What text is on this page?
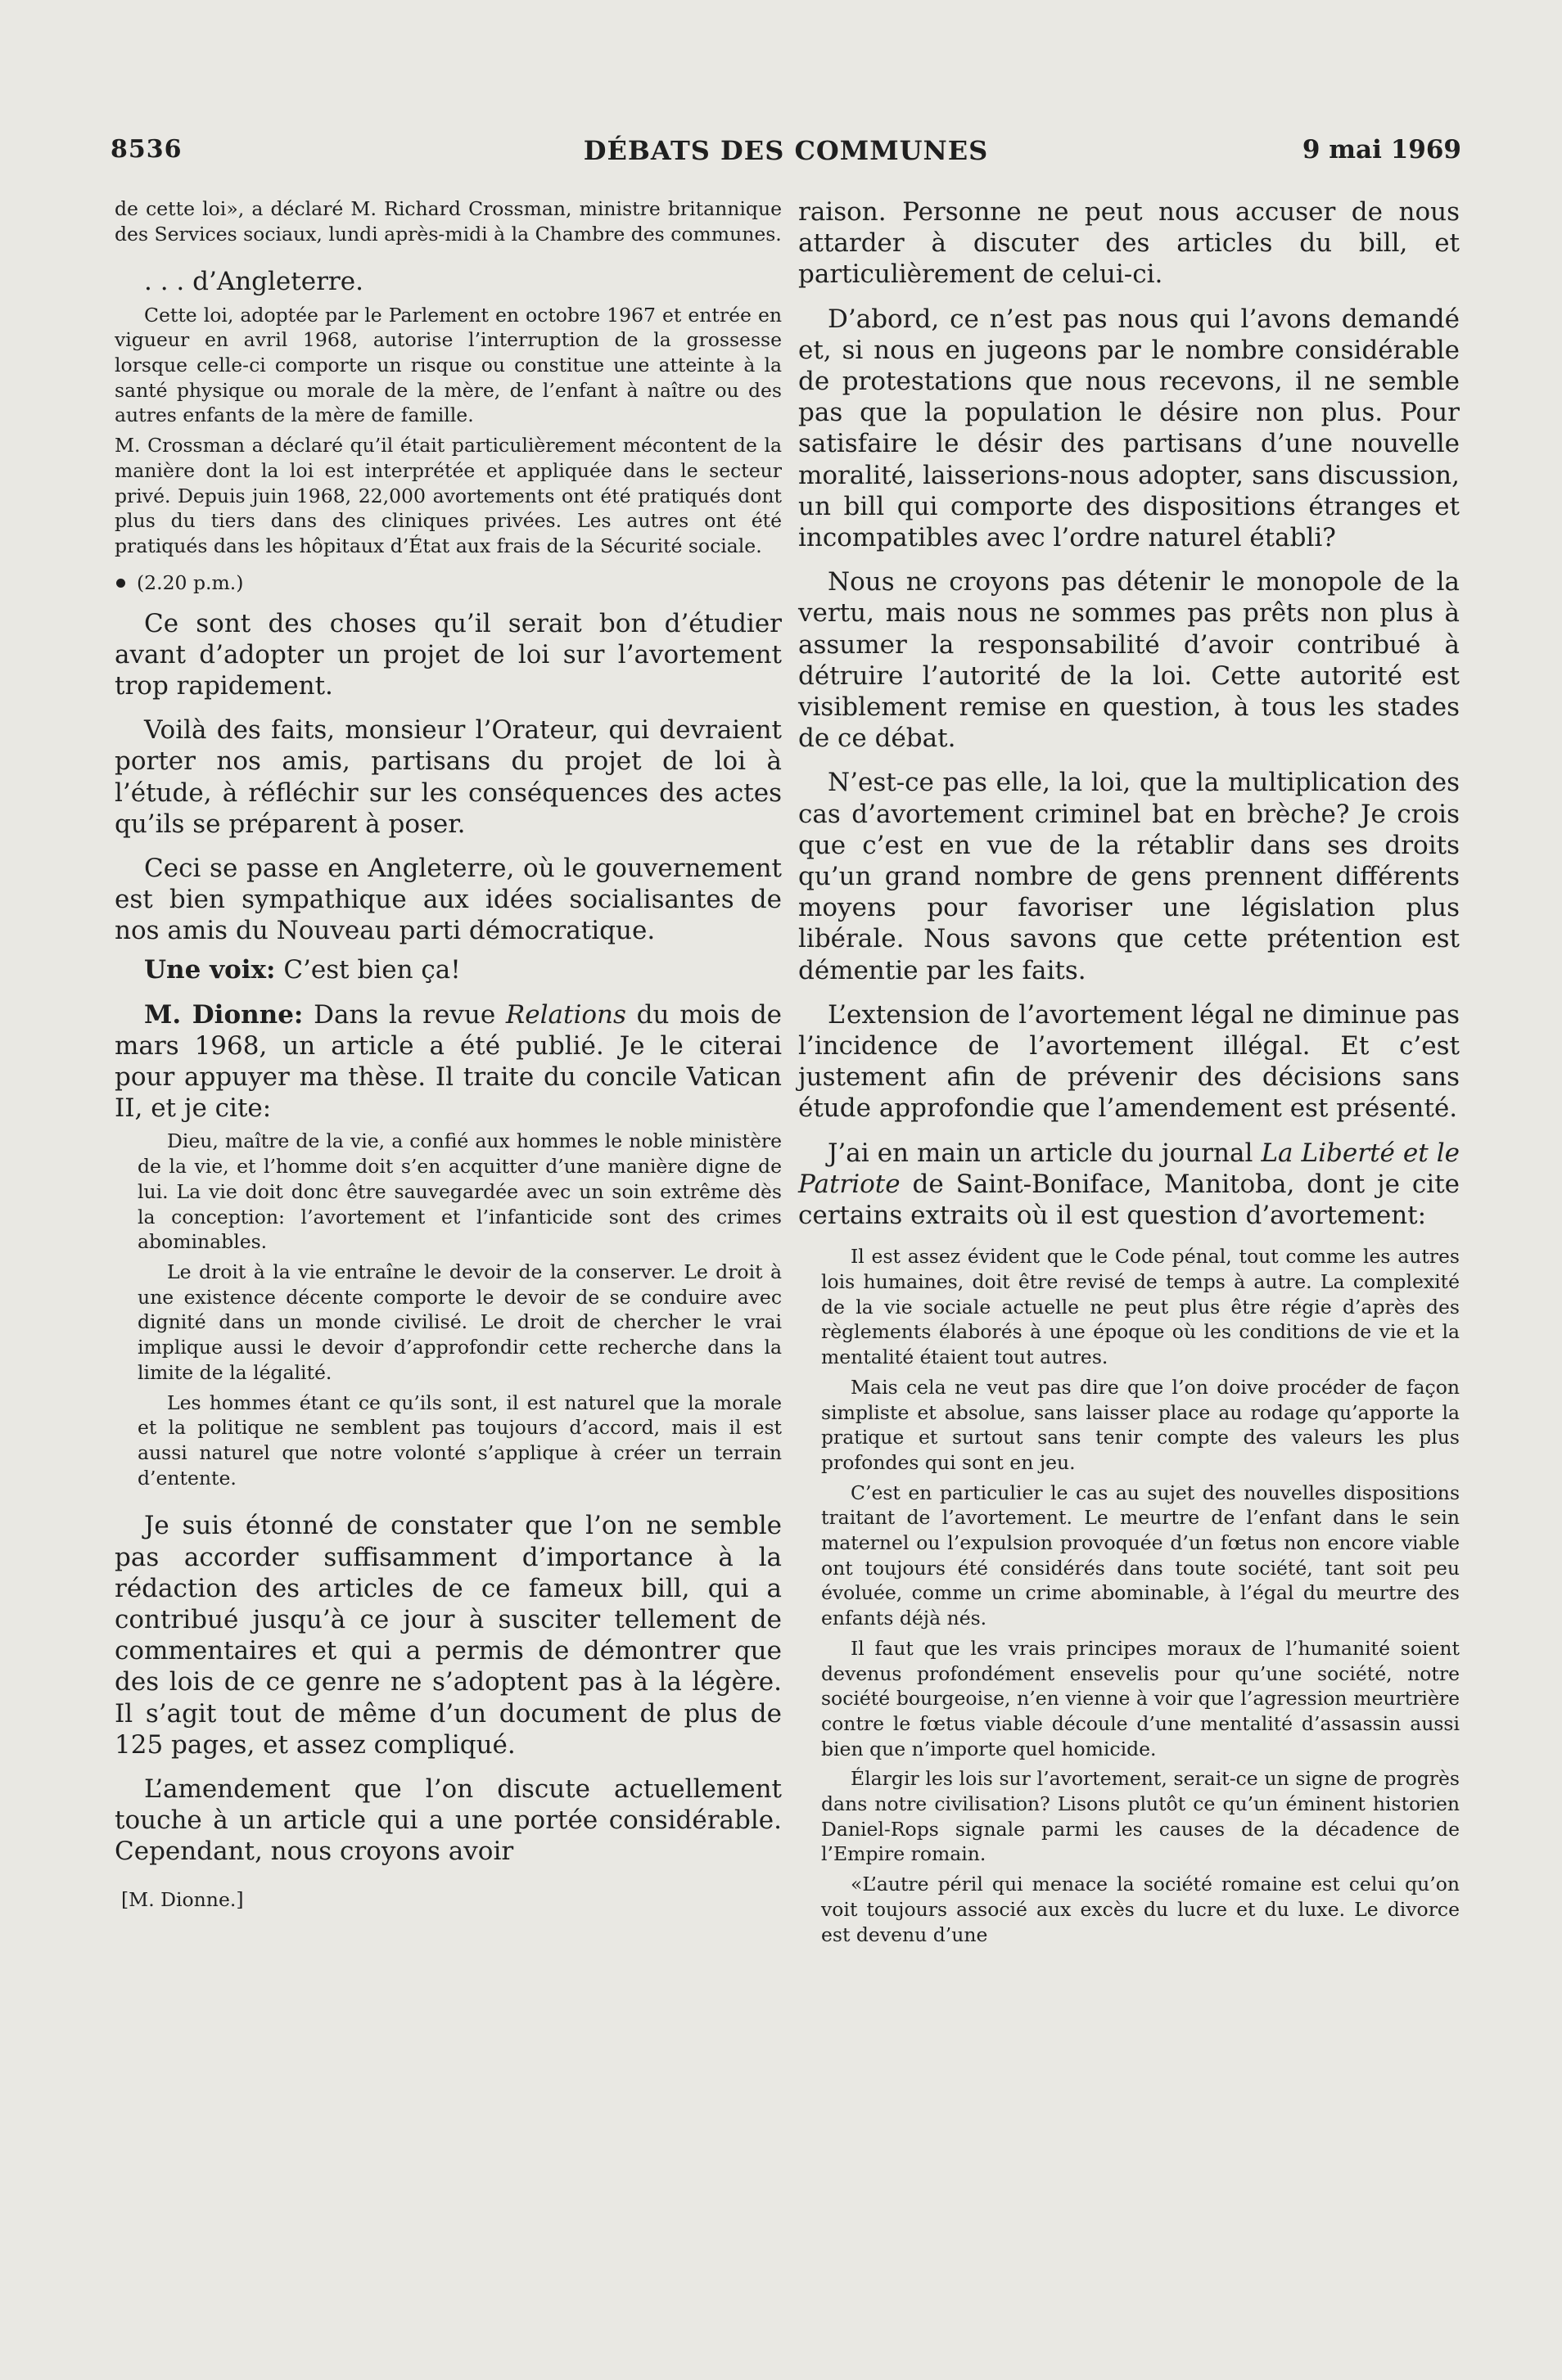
8536	DÉBATS DES COMMUNES	9 mai 1969

de cette loi», a déclaré M. Richard Crossman, ministre britannique des Services sociaux, lundi après-midi à la Chambre des communes.

. . . d’Angleterre.

Cette loi, adoptée par le Parlement en octobre 1967 et entrée en vigueur en avril 1968, autorise l’interruption de la grossesse lorsque celle-ci comporte un risque ou constitue une atteinte à la santé physique ou morale de la mère, de l’enfant à naître ou des autres enfants de la mère de famille.

M. Crossman a déclaré qu’il était particulièrement mécontent de la manière dont la loi est interprétée et appliquée dans le secteur privé. Depuis juin 1968, 22,000 avortements ont été pratiqués dont plus du tiers dans des cliniques privées. Les autres ont été pratiqués dans les hôpitaux d’État aux frais de la Sécurité sociale.

(2.20 p.m.)

Ce sont des choses qu’il serait bon d’étudier avant d’adopter un projet de loi sur l’avortement trop rapidement.

Voilà des faits, monsieur l’Orateur, qui devraient porter nos amis, partisans du projet de loi à l’étude, à réfléchir sur les conséquences des actes qu’ils se préparent à poser.

Ceci se passe en Angleterre, où le gouvernement est bien sympathique aux idées socialisantes de nos amis du Nouveau parti démocratique.

Une voix: C’est bien ça!

M. Dionne: Dans la revue Relations du mois de mars 1968, un article a été publié. Je le citerai pour appuyer ma thèse. Il traite du concile Vatican II, et je cite:

Dieu, maître de la vie, a confié aux hommes le noble ministère de la vie, et l’homme doit s’en acquitter d’une manière digne de lui. La vie doit donc être sauvegardée avec un soin extrême dès la conception: l’avortement et l’infanticide sont des crimes abominables.

Le droit à la vie entraîne le devoir de la conserver. Le droit à une existence décente comporte le devoir de se conduire avec dignité dans un monde civilisé. Le droit de chercher le vrai implique aussi le devoir d’approfondir cette recherche dans la limite de la légalité.

Les hommes étant ce qu’ils sont, il est naturel que la morale et la politique ne semblent pas toujours d’accord, mais il est aussi naturel que notre volonté s’applique à créer un terrain d’entente.

Je suis étonné de constater que l’on ne semble pas accorder suffisamment d’importance à la rédaction des articles de ce fameux bill, qui a contribué jusqu’à ce jour à susciter tellement de commentaires et qui a permis de démontrer que des lois de ce genre ne s’adoptent pas à la légère. Il s’agit tout de même d’un document de plus de 125 pages, et assez compliqué.

L’amendement que l’on discute actuellement touche à un article qui a une portée considérable. Cependant, nous croyons avoir

[M. Dionne.]

raison. Personne ne peut nous accuser de nous attarder à discuter des articles du bill, et particulièrement de celui-ci.

D’abord, ce n’est pas nous qui l’avons demandé et, si nous en jugeons par le nombre considérable de protestations que nous recevons, il ne semble pas que la population le désire non plus. Pour satisfaire le désir des partisans d’une nouvelle moralité, laisserions-nous adopter, sans discussion, un bill qui comporte des dispositions étranges et incompatibles avec l’ordre naturel établi?

Nous ne croyons pas détenir le monopole de la vertu, mais nous ne sommes pas prêts non plus à assumer la responsabilité d’avoir contribué à détruire l’autorité de la loi. Cette autorité est visiblement remise en question, à tous les stades de ce débat.

N’est-ce pas elle, la loi, que la multiplication des cas d’avortement criminel bat en brèche? Je crois que c’est en vue de la rétablir dans ses droits qu’un grand nombre de gens prennent différents moyens pour favoriser une législation plus libérale. Nous savons que cette prétention est démentie par les faits.

L’extension de l’avortement légal ne diminue pas l’incidence de l’avortement illégal. Et c’est justement afin de prévenir des décisions sans étude approfondie que l’amendement est présenté.

J’ai en main un article du journal La Liberté et le Patriote de Saint-Boniface, Manitoba, dont je cite certains extraits où il est question d’avortement:

Il est assez évident que le Code pénal, tout comme les autres lois humaines, doit être revisé de temps à autre. La complexité de la vie sociale actuelle ne peut plus être régie d’après des règlements élaborés à une époque où les conditions de vie et la mentalité étaient tout autres.

Mais cela ne veut pas dire que l’on doive procéder de façon simpliste et absolue, sans laisser place au rodage qu’apporte la pratique et surtout sans tenir compte des valeurs les plus profondes qui sont en jeu.

C’est en particulier le cas au sujet des nouvelles dispositions traitant de l’avortement. Le meurtre de l’enfant dans le sein maternel ou l’expulsion provoquée d’un fœtus non encore viable ont toujours été considérés dans toute société, tant soit peu évoluée, comme un crime abominable, à l’égal du meurtre des enfants déjà nés.

Il faut que les vrais principes moraux de l’humanité soient devenus profondément ensevelis pour qu’une société, notre société bourgeoise, n’en vienne à voir que l’agression meurtrière contre le fœtus viable découle d’une mentalité d’assassin aussi bien que n’importe quel homicide.

Élargir les lois sur l’avortement, serait-ce un signe de progrès dans notre civilisation? Lisons plutôt ce qu’un éminent historien Daniel-Rops signale parmi les causes de la décadence de l’Empire romain.

«L’autre péril qui menace la société romaine est celui qu’on voit toujours associé aux excès du lucre et du luxe. Le divorce est devenu d’une
